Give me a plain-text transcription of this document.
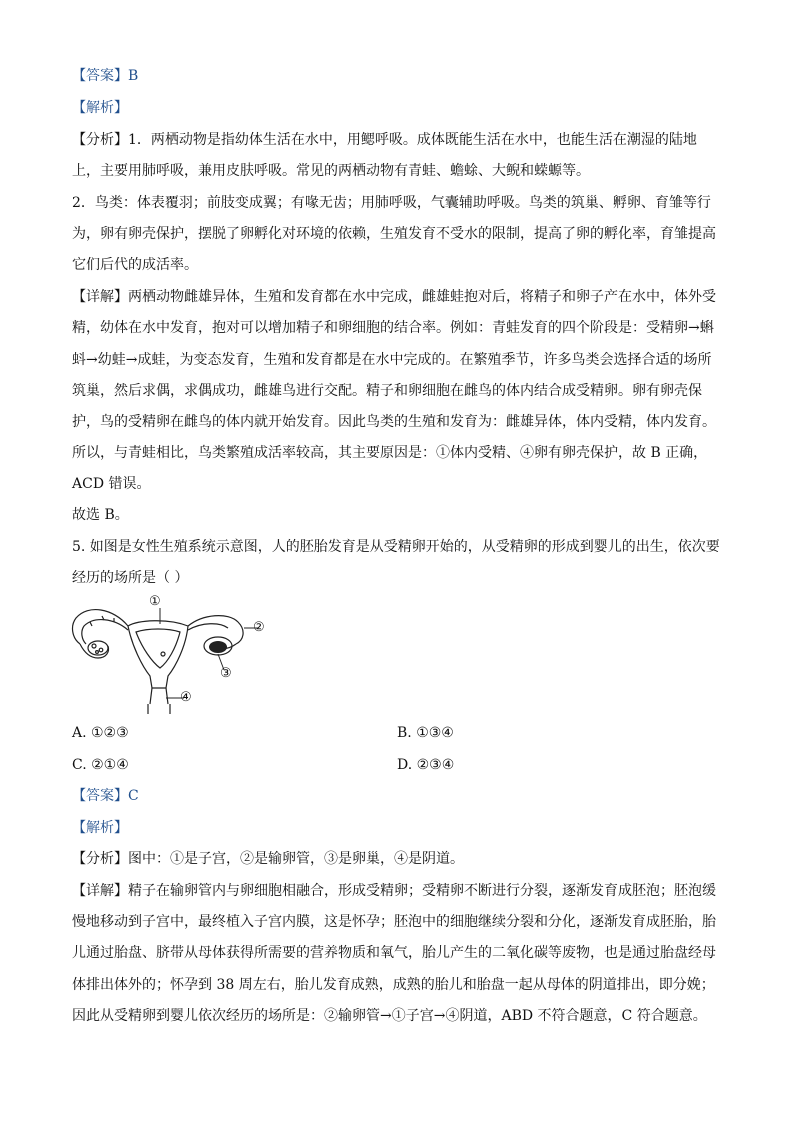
【答案】B
【解析】
【分析】1．两栖动物是指幼体生活在水中，用鳃呼吸。成体既能生活在水中，也能生活在潮湿的陆地
上，主要用肺呼吸，兼用皮肤呼吸。常见的两栖动物有青蛙、蟾蜍、大鲵和蝾螈等。
2．鸟类：体表覆羽；前肢变成翼；有喙无齿；用肺呼吸，气囊辅助呼吸。鸟类的筑巢、孵卵、育雏等行
为，卵有卵壳保护，摆脱了卵孵化对环境的依赖，生殖发育不受水的限制，提高了卵的孵化率，育雏提高
它们后代的成活率。
【详解】两栖动物雌雄异体，生殖和发育都在水中完成，雌雄蛙抱对后，将精子和卵子产在水中，体外受
精，幼体在水中发育，抱对可以增加精子和卵细胞的结合率。例如：青蛙发育的四个阶段是：受精卵→蝌
蚪→幼蛙→成蛙，为变态发育，生殖和发育都是在水中完成的。在繁殖季节，许多鸟类会选择合适的场所
筑巢，然后求偶，求偶成功，雌雄鸟进行交配。精子和卵细胞在雌鸟的体内结合成受精卵。卵有卵壳保
护，鸟的受精卵在雌鸟的体内就开始发育。因此鸟类的生殖和发育为：雌雄异体，体内受精，体内发育。
所以，与青蛙相比，鸟类繁殖成活率较高，其主要原因是：①体内受精、④卵有卵壳保护，故 B 正确，
ACD 错误。
故选 B。
5. 如图是女性生殖系统示意图，人的胚胎发育是从受精卵开始的，从受精卵的形成到婴儿的出生，依次要
经历的场所是（ ）
①
②
③
④
A. ①②③	B. ①③④
C. ②①④	D. ②③④
【答案】C
【解析】
【分析】图中：①是子宫，②是输卵管，③是卵巢，④是阴道。
【详解】精子在输卵管内与卵细胞相融合，形成受精卵；受精卵不断进行分裂，逐渐发育成胚泡；胚泡缓
慢地移动到子宫中，最终植入子宫内膜，这是怀孕；胚泡中的细胞继续分裂和分化，逐渐发育成胚胎，胎
儿通过胎盘、脐带从母体获得所需要的营养物质和氧气，胎儿产生的二氧化碳等废物，也是通过胎盘经母
体排出体外的；怀孕到 38 周左右，胎儿发育成熟，成熟的胎儿和胎盘一起从母体的阴道排出，即分娩；
因此从受精卵到婴儿依次经历的场所是：②输卵管→①子宫→④阴道，ABD 不符合题意，C 符合题意。
